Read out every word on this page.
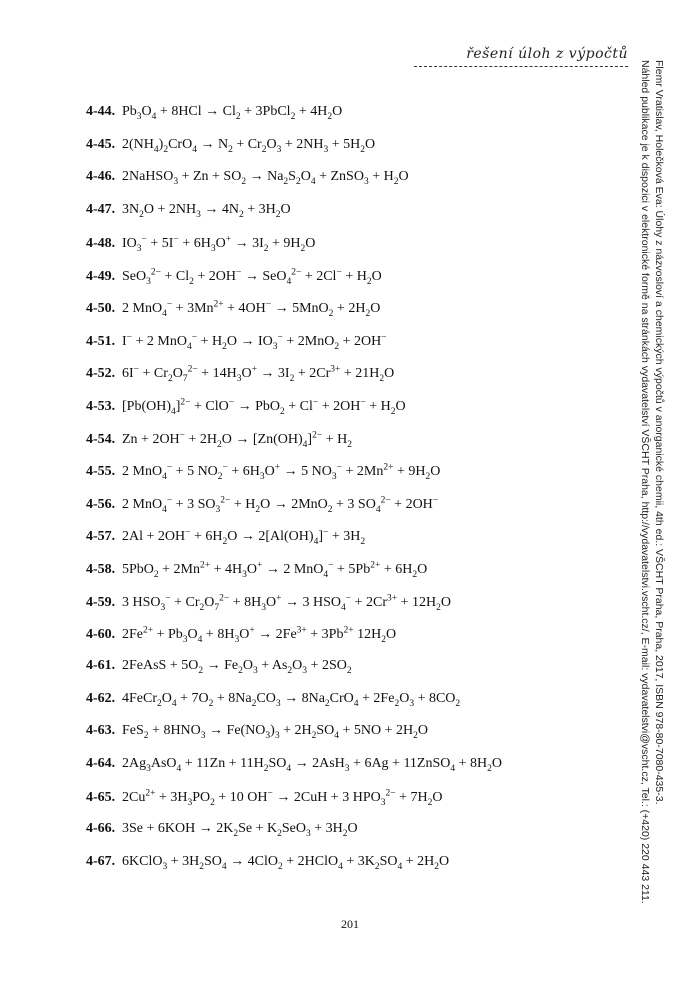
řešení úloh z výpočtů
4-44. $Pb_3O_4 + 8HCl \to Cl_2$ + 3PbCl$_2$ + $4H_2O$
4-45. $2(NH_4)_2CrO_4 \to N_2 + Cr_2O_3 + 2NH_3 + 5H_2O$
4-46. 2NaHSO$_3$ + $Zn + SO_2 \to Na_2S_2O_4$ + ZnSO$_3$ + $H_2O$
4-47. $3N_2O + 2NH_3 \to 4N_2 + 3H_2O$
4-48. $IO_3^- + 5I^- + 6H_3O^+ \to 3I_2 + 9H_2O$
4-49. $SeO_3^{2-} + Cl_2 + 2OH^- \to SeO_4^{2-} + 2Cl^- + H_2O$
4-50. 2 $MnO_4^- + 3Mn^{2+} + 4OH^- \to 5MnO_2 + 2H_2O$
4-51. I− + 2 $MnO_4^- + H_2O \to IO_3^- + 2MnO_2 + 2OH^-$
4-52. $6I^- + Cr_2O_7^{2-} + 14H_3O^+ \to 3I_2 + 2Cr^{3+} + 21H_2O$
4-53. $[Pb(OH)_4]^{2-} + ClO^- \to PbO_2 + Cl^- + 2OH^- + H_2O$
4-54. $Zn + 2OH^- + 2H_2O \to [Zn(OH)_4]^{2-} + H_2$
4-55. 2 MnO$_4$− + 5 $NO_2^- + 6H_3O^+ \to 5$ $NO_3^- + 2Mn^{2+} + 9H_2O$
4-56. 2 MnO$_4$− + 3 $SO_3^{2-} + H_2O \to 2MnO_2 + 3$ $SO_4^{2-} + 2OH^-$
4-57. $2Al + 2OH^- + 6H_2O \to 2[Al(OH)_4]^- + 3H_2$
4-58. $5PbO_2 + 2Mn^{2+} + 4H_3O^+ \to 2$ $MnO_4^- + 5Pb^{2+} + 6H_2O$
4-59. 3 $HSO_3^- + Cr_2O_7^{2-} + 8H_3O^+ \to 3$ $HSO_4^- + 2Cr^{3+} + 12H_2O$
4-60. $2Fe^{2+} + Pb_3O_4 + 8H_3O^+ \to 2Fe^{3+} + 3Pb^{2+}$ $12H_2O$
4-61. 2FeAsS + $5O_2 \to Fe_2O_3 + As_2O_3 + 2SO_2$
4-62. $4FeCr_2O_4 + 7O_2 + 8Na_2CO_3 \to 8Na_2CrO_4 + 2Fe_2O_3 + 8CO_2$
4-63. $FeS_2 + 8HNO_3 \to Fe(NO_3)_3 + 2H_2SO_4 + 5NO + 2H_2O$
4-64. $2Ag_3AsO_4 + 11Zn + 11H_2SO_4 \to 2AsH_3 + 6Ag$ + 11ZnSO$_4$ + $8H_2O$
4-65. $2Cu^{2+} + 3H_3PO_2 + 10$ OH− → 2CuH + 3 $HPO_3^{2-} + 7H_2O$
4-66. $3Se + 6KOH \to 2K_2Se + K_2SeO_3 + 3H_2O$
4-67. 6KClO$_3$ + $3H_2SO_4 \to 4ClO_2$ + 2HClO$_4$ + $3K_2SO_4 + 2H_2O$
201
Flemr Vratislav, Holečková Eva: Úlohy z názvosloví a chemických výpočtů v anorganické chemii, 4th ed.: VŠCHT Praha, Praha, 2017, ISBN 978-80-7080-435-3.
Náhled publikace je k dispozici v elektronické formě na stránkách vydavatelství VŠCHT Praha, http://vydavatelstvi.vscht.cz/, E-mail: vydavatelstvi@vscht.cz, Tel.: (+420) 220 443 211.
